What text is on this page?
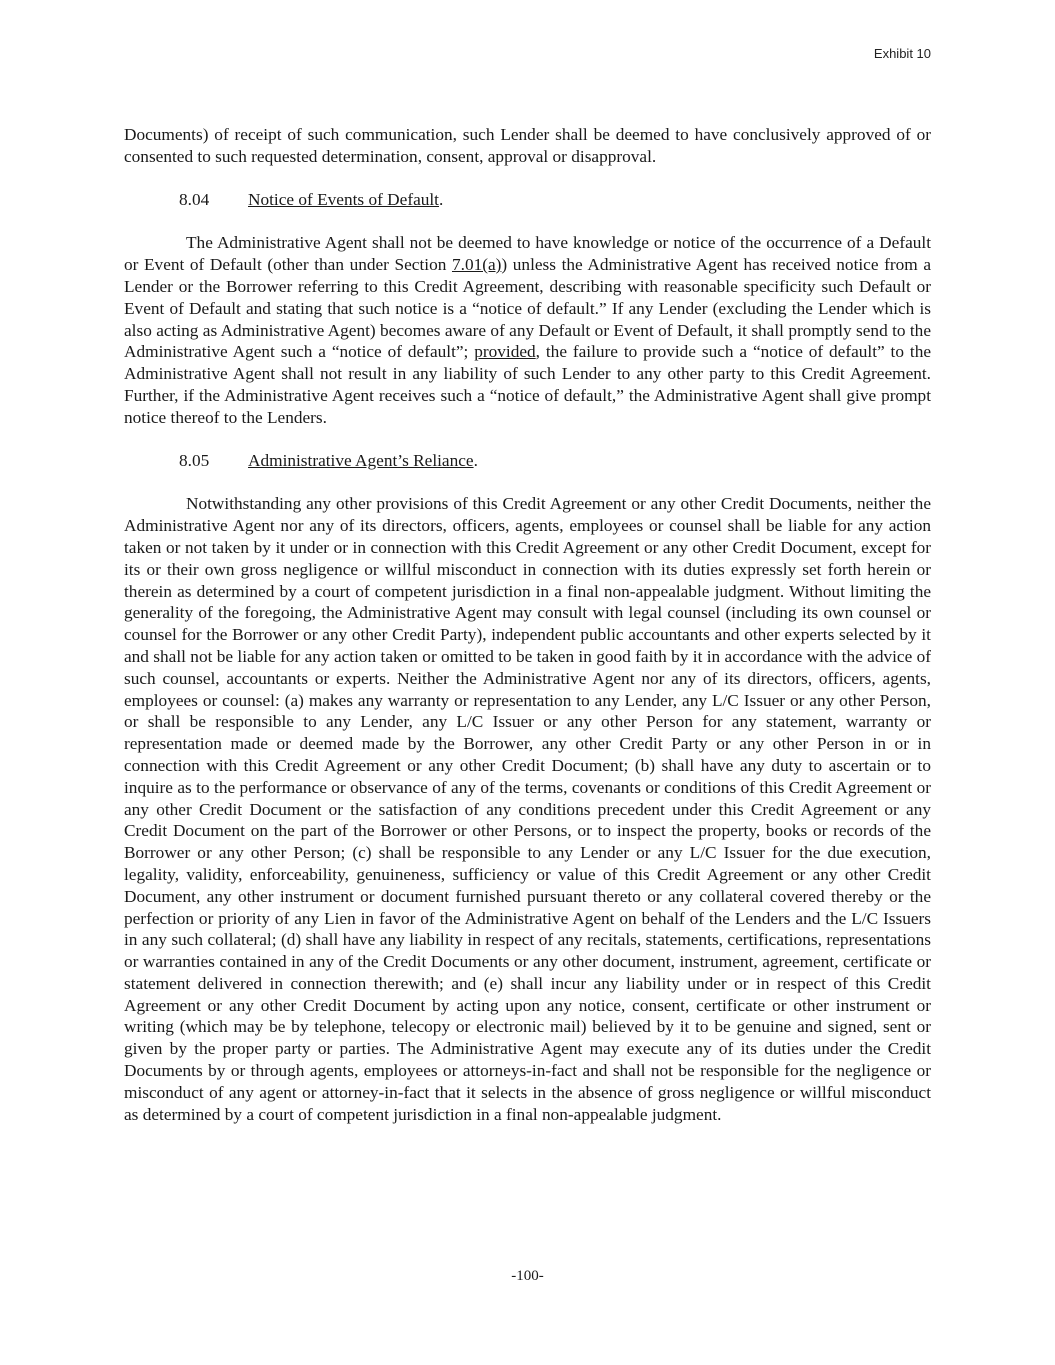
Exhibit 10

Documents) of receipt of such communication, such Lender shall be deemed to have conclusively approved of or consented to such requested determination, consent, approval or disapproval.

8.04 Notice of Events of Default.

The Administrative Agent shall not be deemed to have knowledge or notice of the occurrence of a Default or Event of Default (other than under Section 7.01(a)) unless the Administrative Agent has received notice from a Lender or the Borrower referring to this Credit Agreement, describing with reasonable specificity such Default or Event of Default and stating that such notice is a “notice of default.” If any Lender (excluding the Lender which is also acting as Administrative Agent) becomes aware of any Default or Event of Default, it shall promptly send to the Administrative Agent such a “notice of default”; provided, the failure to provide such a “notice of default” to the Administrative Agent shall not result in any liability of such Lender to any other party to this Credit Agreement. Further, if the Administrative Agent receives such a “notice of default,” the Administrative Agent shall give prompt notice thereof to the Lenders.

8.05 Administrative Agent’s Reliance.

Notwithstanding any other provisions of this Credit Agreement or any other Credit Documents, neither the Administrative Agent nor any of its directors, officers, agents, employees or counsel shall be liable for any action taken or not taken by it under or in connection with this Credit Agreement or any other Credit Document, except for its or their own gross negligence or willful misconduct in connection with its duties expressly set forth herein or therein as determined by a court of competent jurisdiction in a final non-appealable judgment. Without limiting the generality of the foregoing, the Administrative Agent may consult with legal counsel (including its own counsel or counsel for the Borrower or any other Credit Party), independent public accountants and other experts selected by it and shall not be liable for any action taken or omitted to be taken in good faith by it in accordance with the advice of such counsel, accountants or experts. Neither the Administrative Agent nor any of its directors, officers, agents, employees or counsel: (a) makes any warranty or representation to any Lender, any L/C Issuer or any other Person, or shall be responsible to any Lender, any L/C Issuer or any other Person for any statement, warranty or representation made or deemed made by the Borrower, any other Credit Party or any other Person in or in connection with this Credit Agreement or any other Credit Document; (b) shall have any duty to ascertain or to inquire as to the performance or observance of any of the terms, covenants or conditions of this Credit Agreement or any other Credit Document or the satisfaction of any conditions precedent under this Credit Agreement or any Credit Document on the part of the Borrower or other Persons, or to inspect the property, books or records of the Borrower or any other Person; (c) shall be responsible to any Lender or any L/C Issuer for the due execution, legality, validity, enforceability, genuineness, sufficiency or value of this Credit Agreement or any other Credit Document, any other instrument or document furnished pursuant thereto or any collateral covered thereby or the perfection or priority of any Lien in favor of the Administrative Agent on behalf of the Lenders and the L/C Issuers in any such collateral; (d) shall have any liability in respect of any recitals, statements, certifications, representations or warranties contained in any of the Credit Documents or any other document, instrument, agreement, certificate or statement delivered in connection therewith; and (e) shall incur any liability under or in respect of this Credit Agreement or any other Credit Document by acting upon any notice, consent, certificate or other instrument or writing (which may be by telephone, telecopy or electronic mail) believed by it to be genuine and signed, sent or given by the proper party or parties. The Administrative Agent may execute any of its duties under the Credit Documents by or through agents, employees or attorneys-in-fact and shall not be responsible for the negligence or misconduct of any agent or attorney-in-fact that it selects in the absence of gross negligence or willful misconduct as determined by a court of competent jurisdiction in a final non-appealable judgment.

-100-
